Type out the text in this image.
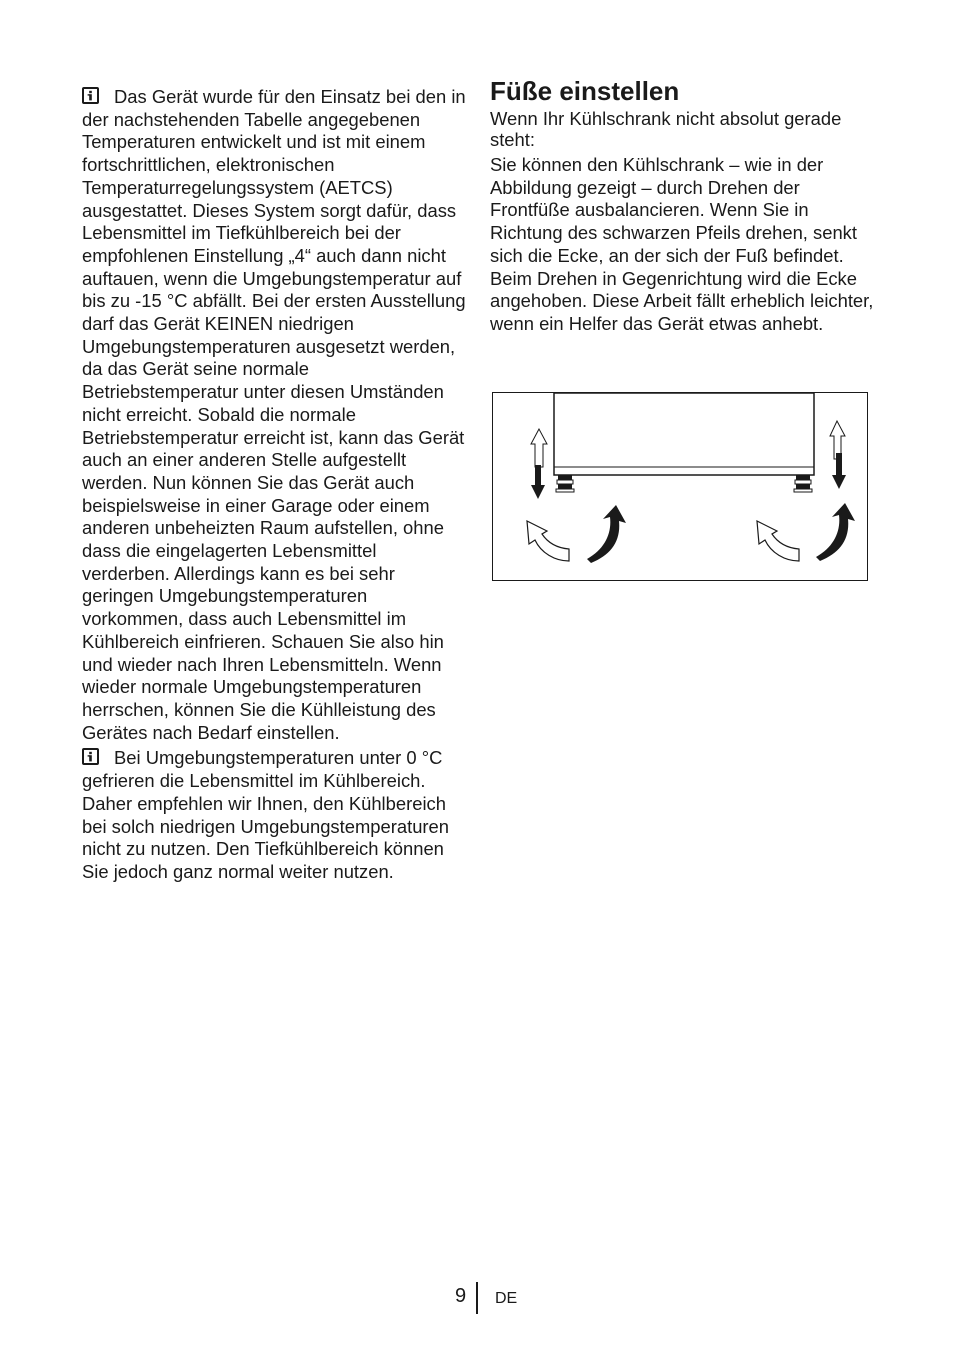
Das Gerät wurde für den Einsatz bei den in der nachstehenden Tabelle angegebenen Temperaturen entwickelt und ist mit einem fortschrittlichen, elektronischen Temperaturregelungssystem (AETCS) ausgestattet. Dieses System sorgt dafür, dass Lebensmittel im Tiefkühlbereich bei der empfohlenen Einstellung „4“ auch dann nicht auftauen, wenn die Umgebungstemperatur auf bis zu -15 °C abfällt. Bei der ersten Ausstellung darf das Gerät KEINEN niedrigen Umgebungstemperaturen ausgesetzt werden, da das Gerät seine normale Betriebstemperatur unter diesen Umständen nicht erreicht. Sobald die normale Betriebstemperatur erreicht ist, kann das Gerät auch an einer anderen Stelle aufgestellt werden. Nun können Sie das Gerät auch beispielsweise in einer Garage oder einem anderen unbeheizten Raum aufstellen, ohne dass die eingelagerten Lebensmittel verderben. Allerdings kann es bei sehr geringen Umgebungstemperaturen vorkommen, dass auch Lebensmittel im Kühlbereich einfrieren. Schauen Sie also hin und wieder nach Ihren Lebensmitteln. Wenn wieder normale Umgebungstemperaturen herrschen, können Sie die Kühlleistung des Gerätes nach Bedarf einstellen.

Bei Umgebungstemperaturen unter 0 °C gefrieren die Lebensmittel im Kühlbereich. Daher empfehlen wir Ihnen, den Kühlbereich bei solch niedrigen Umgebungstemperaturen nicht zu nutzen. Den Tiefkühlbereich können Sie jedoch ganz normal weiter nutzen.

Füße einstellen

Wenn Ihr Kühlschrank nicht absolut gerade steht:

Sie können den Kühlschrank – wie in der Abbildung gezeigt – durch Drehen der Frontfüße ausbalancieren. Wenn Sie in Richtung des schwarzen Pfeils drehen, senkt sich die Ecke, an der sich der Fuß befindet. Beim Drehen in Gegenrichtung wird die Ecke angehoben. Diese Arbeit fällt erheblich leichter, wenn ein Helfer das Gerät etwas anhebt.

9 DE
